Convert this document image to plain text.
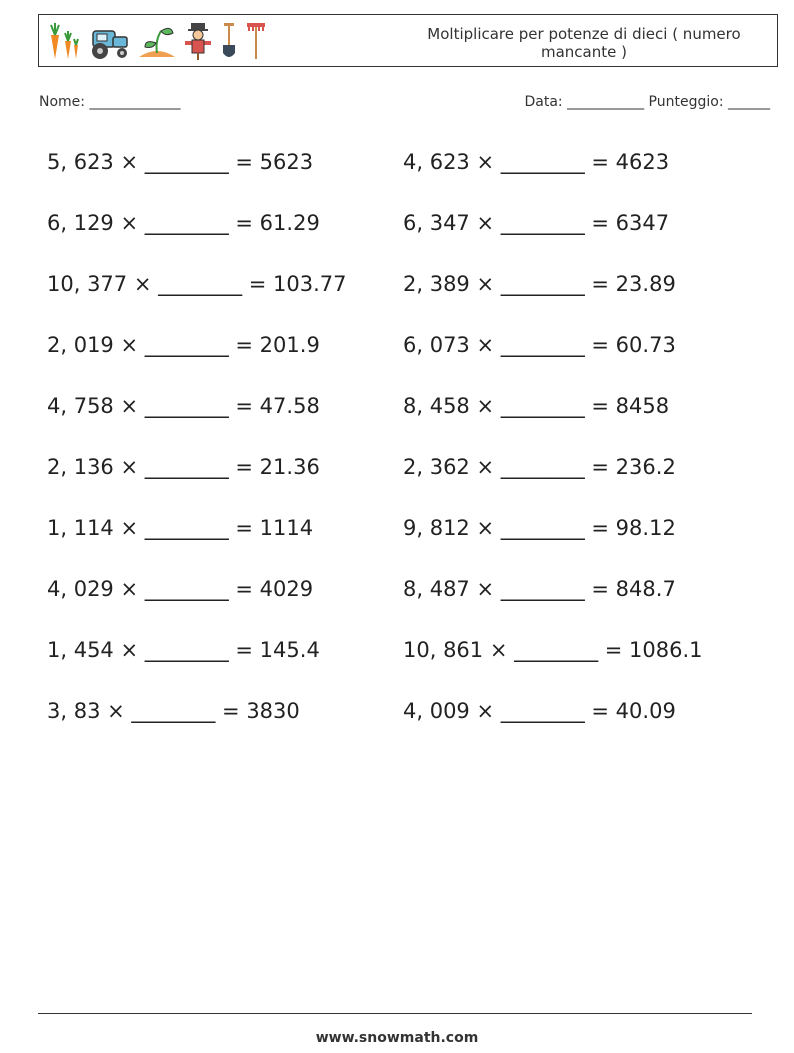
Moltiplicare per potenze di dieci ( numero mancante )
Nome: _____________	Data: ___________ Punteggio: ______
5, 623 × ________ = 5623	4, 623 × ________ = 4623
6, 129 × ________ = 61.29	6, 347 × ________ = 6347
10, 377 × ________ = 103.77	2, 389 × ________ = 23.89
2, 019 × ________ = 201.9	6, 073 × ________ = 60.73
4, 758 × ________ = 47.58	8, 458 × ________ = 8458
2, 136 × ________ = 21.36	2, 362 × ________ = 236.2
1, 114 × ________ = 1114	9, 812 × ________ = 98.12
4, 029 × ________ = 4029	8, 487 × ________ = 848.7
1, 454 × ________ = 145.4	10, 861 × ________ = 1086.1
3, 83 × ________ = 3830	4, 009 × ________ = 40.09
www.snowmath.com
